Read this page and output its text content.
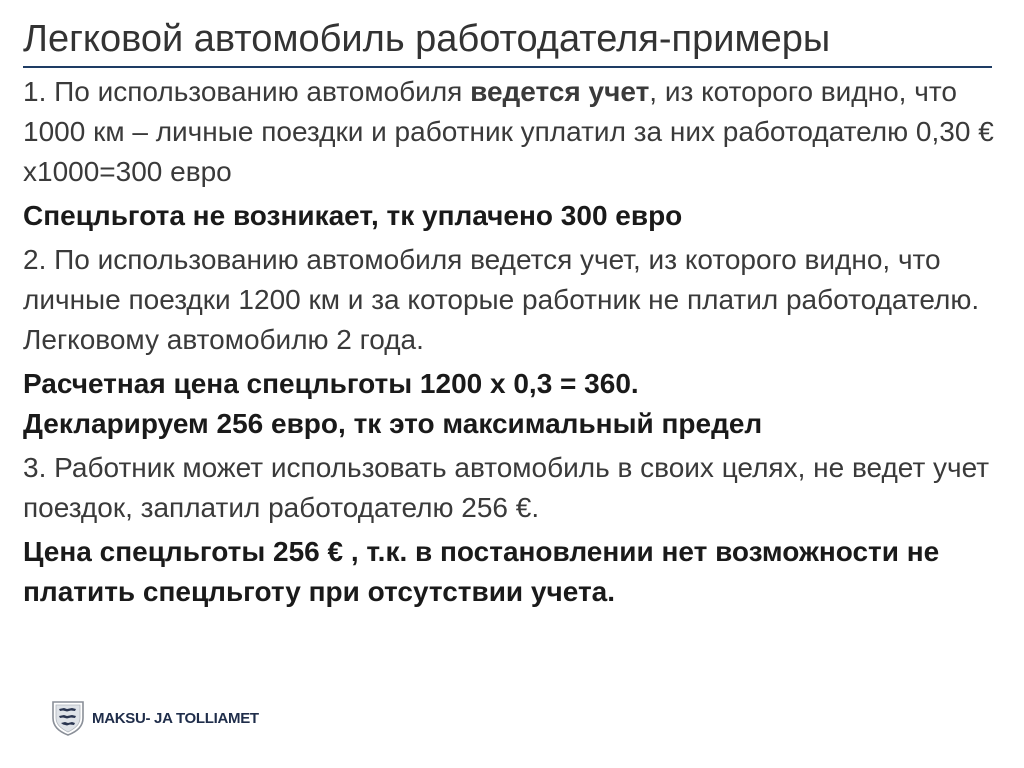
Легковой автомобиль работодателя-примеры

1. По использованию автомобиля ведется учет, из которого видно, что 1000 км – личные поездки и работник уплатил за них работодателю 0,30 € х1000=300 евро

Спецльгота не возникает, тк уплачено 300 евро

2. По использованию автомобиля ведется учет, из которого видно, что личные поездки 1200 км и за которые работник не платил работодателю. Легковому автомобилю 2 года.

Расчетная цена спецльготы 1200 х 0,3 = 360.

Декларируем 256 евро, тк это максимальный предел

3. Работник может использовать автомобиль в своих целях, не ведет учет поездок, заплатил работодателю 256 €.

Цена спецльготы 256 € , т.к. в постановлении нет возможности не платить спецльготу при отсутствии учета.

MAKSU- JA TOLLIAMET
